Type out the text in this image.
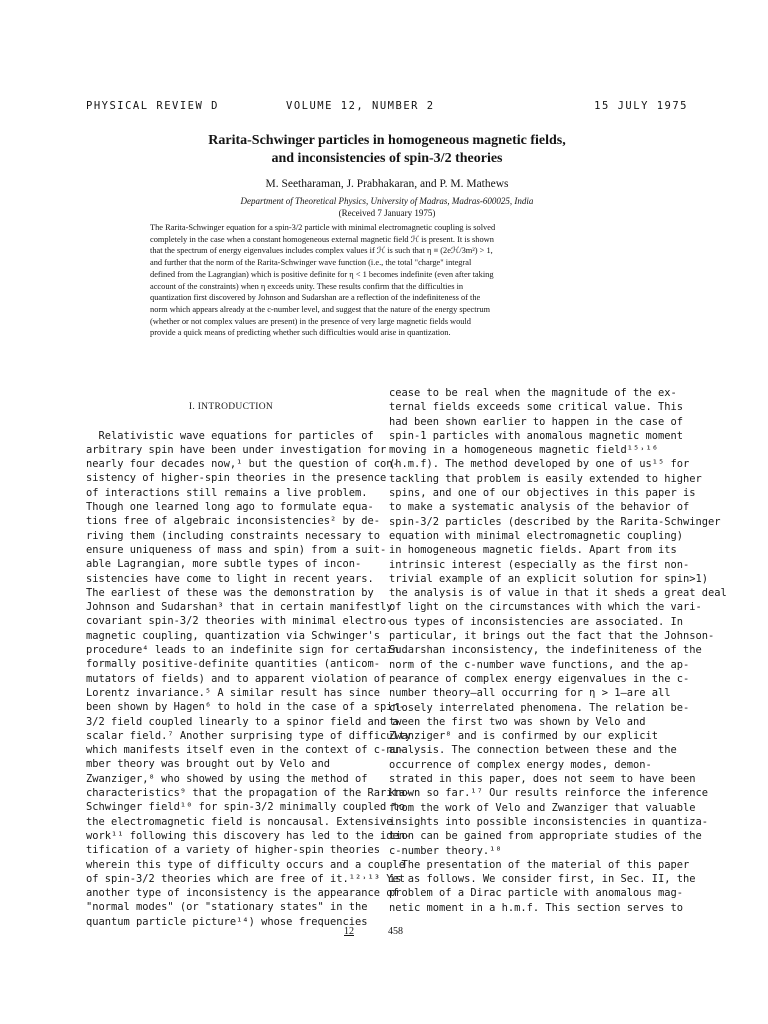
PHYSICAL REVIEW D	VOLUME 12, NUMBER 2	15 JULY 1975
Rarita-Schwinger particles in homogeneous magnetic fields,
and inconsistencies of spin-3/2 theories
M. Seetharaman, J. Prabhakaran, and P. M. Mathews
Department of Theoretical Physics, University of Madras, Madras-600025, India
(Received 7 January 1975)
The Rarita-Schwinger equation for a spin-3/2 particle with minimal electromagnetic coupling is solved
completely in the case when a constant homogeneous external magnetic field ℋ is present. It is shown
that the spectrum of energy eigenvalues includes complex values if ℋ is such that η ≡ (2eℋ/3m²) > 1,
and further that the norm of the Rarita-Schwinger wave function (i.e., the total "charge" integral
defined from the Lagrangian) which is positive definite for η < 1 becomes indefinite (even after taking
account of the constraints) when η exceeds unity. These results confirm that the difficulties in
quantization first discovered by Johnson and Sudarshan are a reflection of the indefiniteness of the
norm which appears already at the c-number level, and suggest that the nature of the energy spectrum
(whether or not complex values are present) in the presence of very large magnetic fields would
provide a quick means of predicting whether such difficulties would arise in quantization.
I. INTRODUCTION
Relativistic wave equations for particles of
arbitrary spin have been under investigation for
nearly four decades now,¹ but the question of con-
sistency of higher-spin theories in the presence
of interactions still remains a live problem.
Though one learned long ago to formulate equa-
tions free of algebraic inconsistencies² by de-
riving them (including constraints necessary to
ensure uniqueness of mass and spin) from a suit-
able Lagrangian, more subtle types of incon-
sistencies have come to light in recent years.
The earliest of these was the demonstration by
Johnson and Sudarshan³ that in certain manifestly
covariant spin-3/2 theories with minimal electro-
magnetic coupling, quantization via Schwinger's
procedure⁴ leads to an indefinite sign for certain
formally positive-definite quantities (anticom-
mutators of fields) and to apparent violation of
Lorentz invariance.⁵ A similar result has since
been shown by Hagen⁶ to hold in the case of a spin-
3/2 field coupled linearly to a spinor field and a
scalar field.⁷ Another surprising type of difficulty
which manifests itself even in the context of c-nu-
mber theory was brought out by Velo and
Zwanziger,⁸ who showed by using the method of
characteristics⁹ that the propagation of the Rarita-
Schwinger field¹⁰ for spin-3/2 minimally coupled to
the electromagnetic field is noncausal. Extensive
work¹¹ following this discovery has led to the iden-
tification of a variety of higher-spin theories
wherein this type of difficulty occurs and a couple
of spin-3/2 theories which are free of it.¹²˒¹³ Yet
another type of inconsistency is the appearance of
"normal modes" (or "stationary states" in the
quantum particle picture¹⁴) whose frequencies
cease to be real when the magnitude of the ex-
ternal fields exceeds some critical value. This
had been shown earlier to happen in the case of
spin-1 particles with anomalous magnetic moment
moving in a homogeneous magnetic field¹⁵˒¹⁶
(h.m.f). The method developed by one of us¹⁵ for
tackling that problem is easily extended to higher
spins, and one of our objectives in this paper is
to make a systematic analysis of the behavior of
spin-3/2 particles (described by the Rarita-Schwinger
equation with minimal electromagnetic coupling)
in homogeneous magnetic fields. Apart from its
intrinsic interest (especially as the first non-
trivial example of an explicit solution for spin>1)
the analysis is of value in that it sheds a great deal
of light on the circumstances with which the vari-
ous types of inconsistencies are associated. In
particular, it brings out the fact that the Johnson-
Sudarshan inconsistency, the indefiniteness of the
norm of the c-number wave functions, and the ap-
pearance of complex energy eigenvalues in the c-
number theory—all occurring for η > 1—are all
closely interrelated phenomena. The relation be-
tween the first two was shown by Velo and
Zwanziger⁸ and is confirmed by our explicit
analysis. The connection between these and the
occurrence of complex energy modes, demon-
strated in this paper, does not seem to have been
known so far.¹⁷ Our results reinforce the inference
from the work of Velo and Zwanziger that valuable
insights into possible inconsistencies in quantiza-
tion can be gained from appropriate studies of the
c-number theory.¹⁸
The presentation of the material of this paper
is as follows. We consider first, in Sec. II, the
problem of a Dirac particle with anomalous mag-
netic moment in a h.m.f. This section serves to
12	458
